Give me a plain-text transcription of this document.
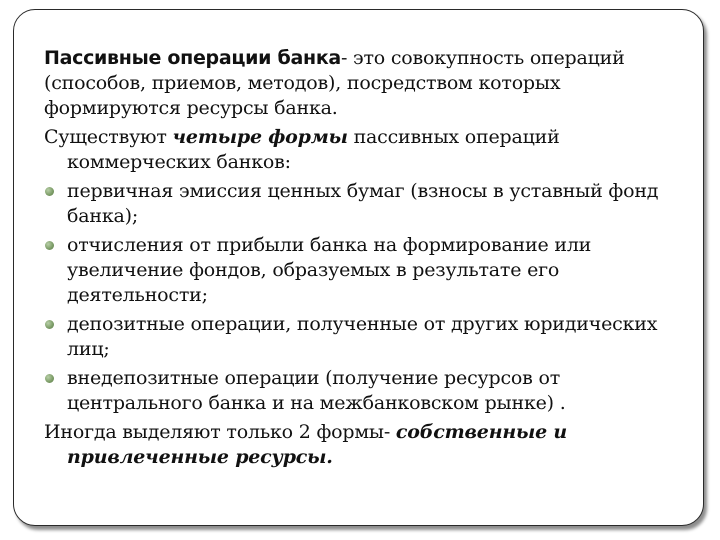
Пассивные операции банка- это совокупность операций (способов, приемов, методов), посредством которых формируются ресурсы банка.

Существуют четыре формы пассивных операций коммерческих банков:

первичная эмиссия ценных бумаг (взносы в уставный фонд банка);
отчисления от прибыли банка на формирование или увеличение фондов, образуемых в результате его деятельности;
депозитные операции, полученные от других юридических лиц;
внедепозитные операции (получение ресурсов от центрального банка и на межбанковском рынке) .

Иногда выделяют только 2 формы- собственные и привлеченные ресурсы.
